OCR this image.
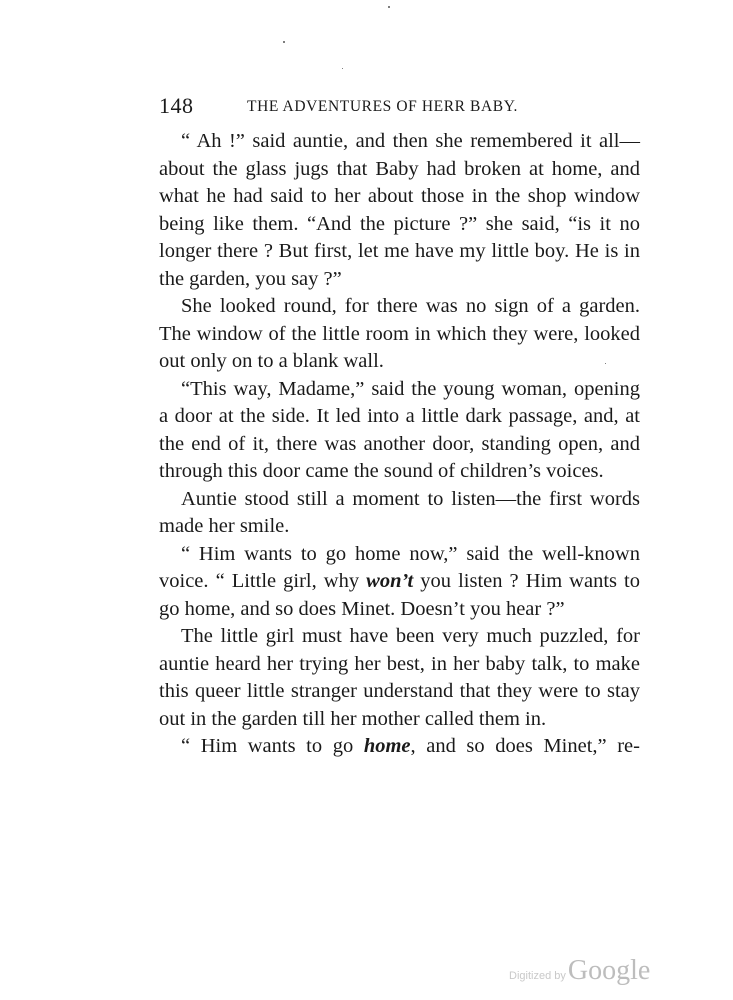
148	THE ADVENTURES OF HERR BABY.

“ Ah !” said auntie, and then she remembered it all—about the glass jugs that Baby had broken at home, and what he had said to her about those in the shop window being like them. “And the picture ?” she said, “is it no longer there ? But first, let me have my little boy. He is in the garden, you say ?”

She looked round, for there was no sign of a garden. The window of the little room in which they were, looked out only on to a blank wall.

“This way, Madame,” said the young woman, opening a door at the side. It led into a little dark passage, and, at the end of it, there was another door, standing open, and through this door came the sound of children’s voices.

Auntie stood still a moment to listen—the first words made her smile.

“ Him wants to go home now,” said the well-known voice. “ Little girl, why won’t you listen ? Him wants to go home, and so does Minet. Doesn’t you hear ?”

The little girl must have been very much puzzled, for auntie heard her trying her best, in her baby talk, to make this queer little stranger understand that they were to stay out in the garden till her mother called them in.

“ Him wants to go home, and so does Minet,” re-

Digitized by Google
